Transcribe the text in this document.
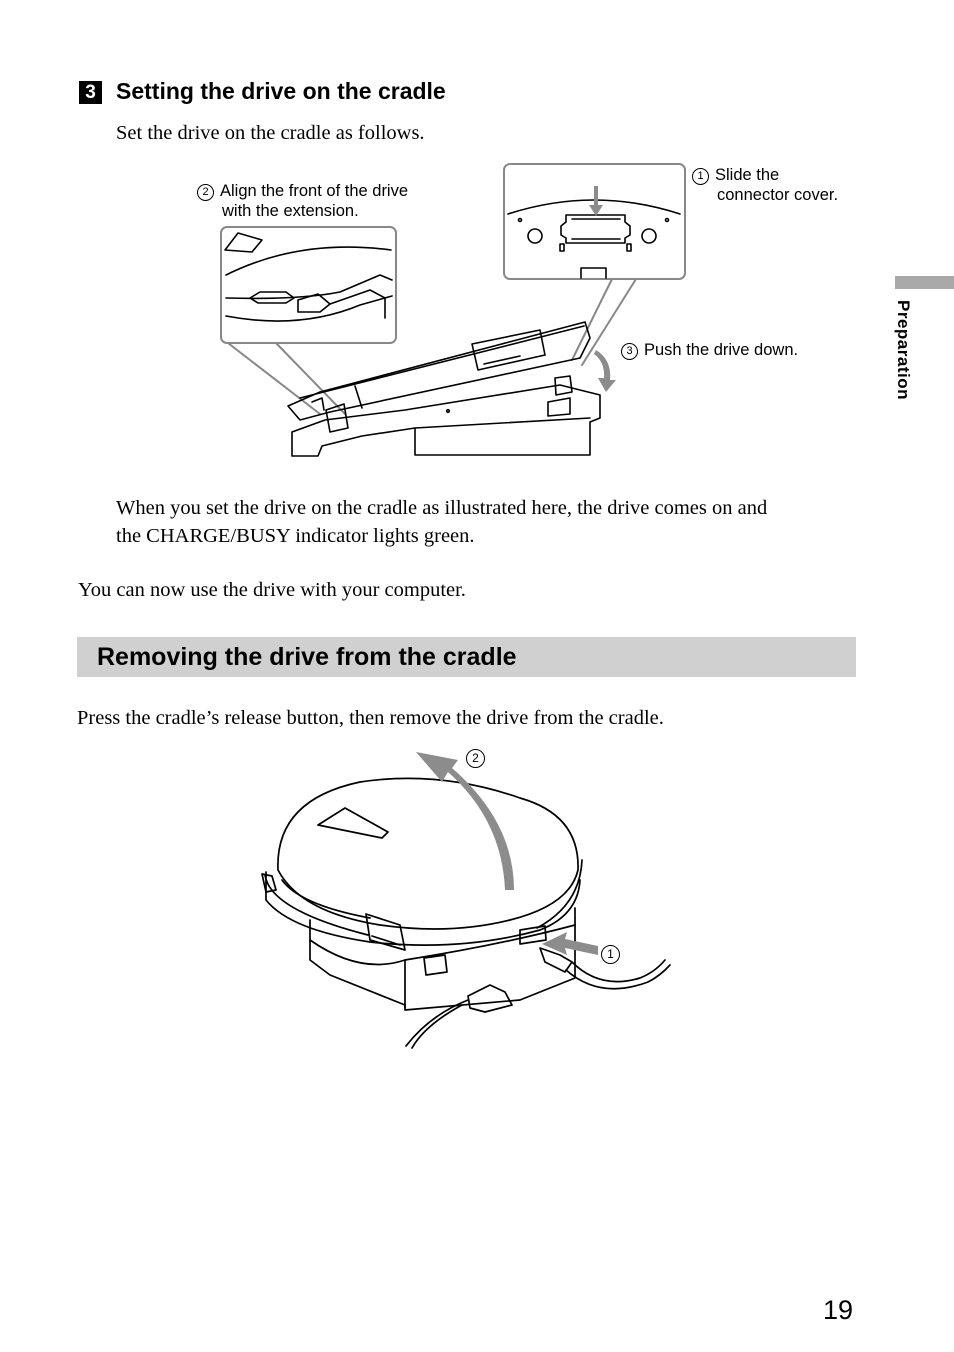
3 Setting the drive on the cradle
Set the drive on the cradle as follows.
Preparation
2 Align the front of the drive
with the extension.
1 Slide the
connector cover.
3 Push the drive down.
When you set the drive on the cradle as illustrated here, the drive comes on and
the CHARGE/BUSY indicator lights green.
You can now use the drive with your computer.
Removing the drive from the cradle
Press the cradle’s release button, then remove the drive from the cradle.
2
1
19
